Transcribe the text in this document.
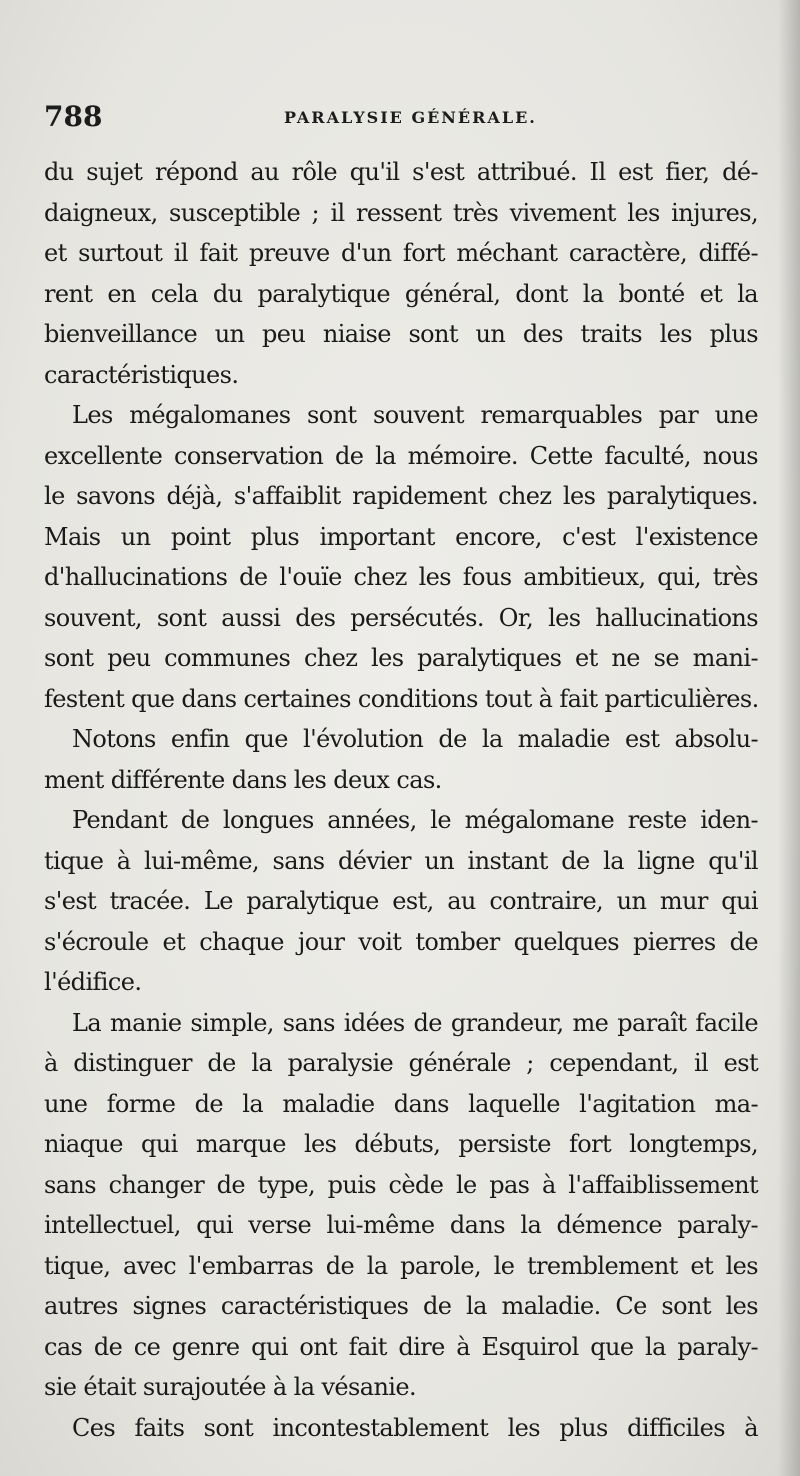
788	PARALYSIE GÉNÉRALE.
du sujet répond au rôle qu'il s'est attribué. Il est fier, dé-
daigneux, susceptible ; il ressent très vivement les injures,
et surtout il fait preuve d'un fort méchant caractère, diffé-
rent en cela du paralytique général, dont la bonté et la
bienveillance un peu niaise sont un des traits les plus
caractéristiques.
Les mégalomanes sont souvent remarquables par une
excellente conservation de la mémoire. Cette faculté, nous
le savons déjà, s'affaiblit rapidement chez les paralytiques.
Mais un point plus important encore, c'est l'existence
d'hallucinations de l'ouïe chez les fous ambitieux, qui, très
souvent, sont aussi des persécutés. Or, les hallucinations
sont peu communes chez les paralytiques et ne se mani-
festent que dans certaines conditions tout à fait particulières.
Notons enfin que l'évolution de la maladie est absolu-
ment différente dans les deux cas.
Pendant de longues années, le mégalomane reste iden-
tique à lui-même, sans dévier un instant de la ligne qu'il
s'est tracée. Le paralytique est, au contraire, un mur qui
s'écroule et chaque jour voit tomber quelques pierres de
l'édifice.
La manie simple, sans idées de grandeur, me paraît facile
à distinguer de la paralysie générale ; cependant, il est
une forme de la maladie dans laquelle l'agitation ma-
niaque qui marque les débuts, persiste fort longtemps,
sans changer de type, puis cède le pas à l'affaiblissement
intellectuel, qui verse lui-même dans la démence paraly-
tique, avec l'embarras de la parole, le tremblement et les
autres signes caractéristiques de la maladie. Ce sont les
cas de ce genre qui ont fait dire à Esquirol que la paraly-
sie était surajoutée à la vésanie.
Ces faits sont incontestablement les plus difficiles à
